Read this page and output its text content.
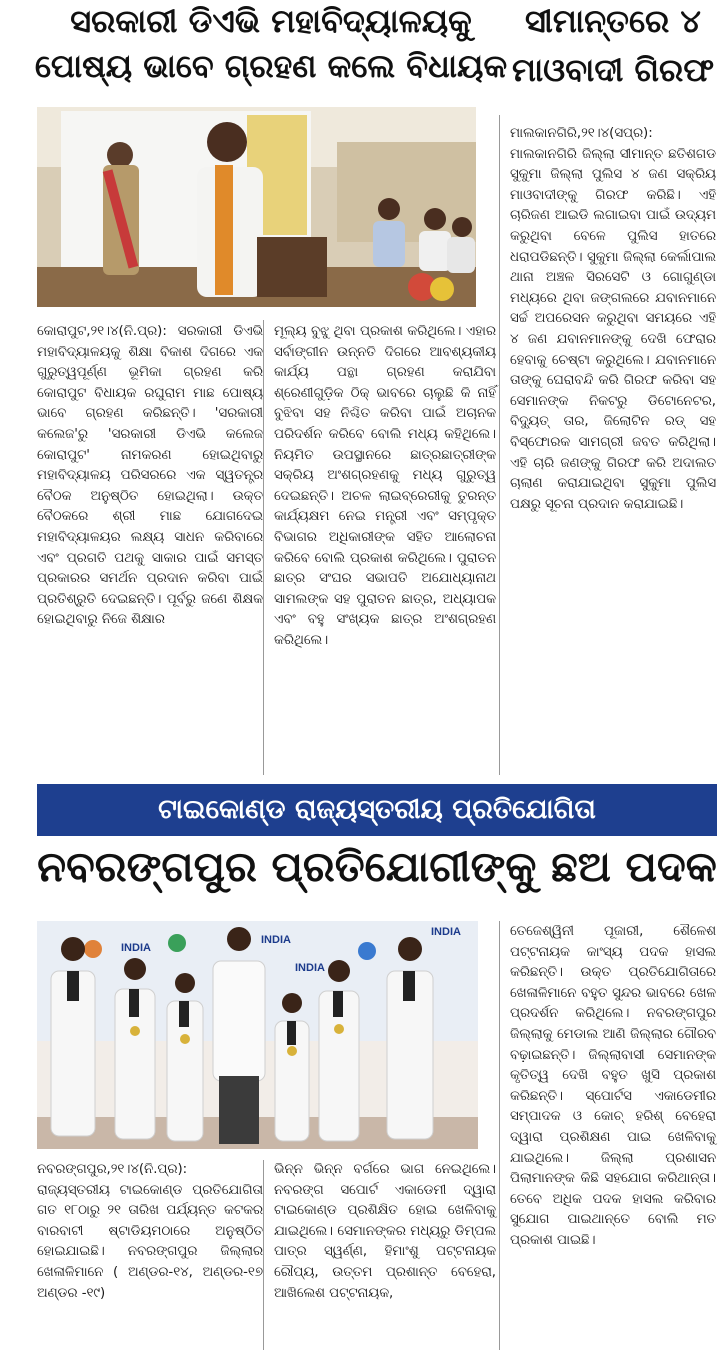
ସରକାରୀ ଡିଏଭି ମହାବିଦ୍ୟାଳୟକୁ
ପୋଷ୍ୟ ଭାବେ ଗ୍ରହଣ କଲେ ବିଧାୟକ
ସୀମାନ୍ତରେ ୪
ମାଓବାଦୀ ଗିରଫ

କୋରାପୁଟ,୨୧।୪(ନି.ପ୍ର): ସରକାରୀ ଡିଏଭି ମହାବିଦ୍ୟାଳୟକୁ ଶିକ୍ଷା ବିକାଶ ଦିଗରେ ଏକ ଗୁରୁତ୍ୱପୂର୍ଣ୍ଣ ଭୂମିକା ଗ୍ରହଣ କରି କୋରାପୁଟ ବିଧାୟକ ରଘୁରାମ ମାଛ ପୋଷ୍ୟ ଭାବେ ଗ୍ରହଣ କରିଛନ୍ତି। 'ସରକାରୀ କଲେଜ'ରୁ 'ସରକାରୀ ଡିଏଭି କଲେଜ କୋରାପୁଟ' ନାମକରଣ ହୋଇଥିବାରୁ ମହାବିଦ୍ୟାଳୟ ପରିସରରେ ଏକ ସ୍ୱତନ୍ତ୍ର ବୈଠକ ଅନୁଷ୍ଠିତ ହୋଇଥିଲା। ଉକ୍ତ ବୈଠକରେ ଶ୍ରୀ ମାଛ ଯୋଗଦେଇ ମହାବିଦ୍ୟାଳୟର ଲକ୍ଷ୍ୟ ସାଧନ କରିବାରେ ଏବଂ ପ୍ରଗତି ପଥକୁ ସାକାର ପାଇଁ ସମସ୍ତ ପ୍ରକାରର ସମର୍ଥନ ପ୍ରଦାନ କରିବା ପାଇଁ ପ୍ରତିଶ୍ରୁତି ଦେଇଛନ୍ତି। ପୂର୍ବରୁ ଜଣେ ଶିକ୍ଷକ ହୋଇଥିବାରୁ ନିଜେ ଶିକ୍ଷାର

ମୂଲ୍ୟ ବୁଝୁ ଥିବା ପ୍ରକାଶ କରିଥିଲେ। ଏହାର ସର୍ବାଙ୍ଗୀନ ଉନ୍ନତି ଦିଗରେ ଆବଶ୍ୟକୀୟ କାର୍ଯ୍ୟ ପନ୍ଥା ଗ୍ରହଣ କରାଯିବା ଶ୍ରେଣୀଗୁଡ଼ିକ ଠିକ୍ ଭାବରେ ଚାଲୁଛି କି ନାହିଁ ବୁଝିବା ସହ ନିଶ୍ଚିତ କରିବା ପାଇଁ ଅଚାନକ ପରିଦର୍ଶନ କରିବେ ବୋଲି ମଧ୍ୟ କହିଥିଲେ। ନିୟମିତ ଉପସ୍ଥାନରେ ଛାତ୍ରଛାତ୍ରୀଙ୍କ ସକ୍ରିୟ ଅଂଶଗ୍ରହଣକୁ ମଧ୍ୟ ଗୁରୁତ୍ୱ ଦେଇଛନ୍ତି। ଅଚଳ ଲାଇବ୍ରେରୀକୁ ତୁରନ୍ତ କାର୍ଯ୍ୟକ୍ଷମ ନେଇ ମନ୍ତ୍ରୀ ଏବଂ ସମ୍ପୃକ୍ତ ବିଭାଗର ଅଧିକାରୀଙ୍କ ସହିତ ଆଲୋଚନା କରିବେ ବୋଲି ପ୍ରକାଶ କରିଥିଲେ। ପୁରାତନ ଛାତ୍ର ସଂଘର ସଭାପତି ଅଯୋଧ୍ୟାନାଥ ସାମଲଙ୍କ ସହ ପୁରାତନ ଛାତ୍ର, ଅଧ୍ୟାପକ ଏବଂ ବହୁ ସଂଖ୍ୟକ ଛାତ୍ର ଅଂଶଗ୍ରହଣ କରିଥିଲେ।

ମାଲକାନଗିରି,୨୧।୪(ସପ୍ର): ମାଲକାନଗିରି ଜିଲ୍ଲା ସୀମାନ୍ତ ଛତିଶଗଡ ସୁକୁମା ଜିଲ୍ଲା ପୁଲିସ ୪ ଜଣ ସକ୍ରିୟ ମାଓବାଦୀଙ୍କୁ ଗିରଫ କରିଛି। ଏହି ଚାରିଜଣ ଆଇଡି ଲଗାଇବା ପାଇଁ ଉଦ୍ୟମ କରୁଥିବା ବେଳେ ପୁଲିସ ହାତରେ ଧରାପଡିଛନ୍ତି। ସୁକୁମା ଜିଲ୍ଲା କେର୍ଲାପାଲ ଥାନା ଅଞ୍ଚଳ ସିରସେଟି ଓ ଗୋଗୁଣ୍ଡା ମଧ୍ୟରେ ଥିବା ଜଙ୍ଗଲରେ ଯବାନମାନେ ସର୍ଚ୍ଚ ଅପରେସନ କରୁଥିବା ସମୟରେ ଏହି ୪ ଜଣ ଯବାନମାନଙ୍କୁ ଦେଖି ଫେରାର ହେବାକୁ ଚେଷ୍ଟା କରୁଥିଲେ। ଯବାନମାନେ ତାଙ୍କୁ ଘେରାବନ୍ଦି କରି ଗିରଫ କରିବା ସହ ସେମାନଙ୍କ ନିକଟରୁ ଡିଟୋନେଟର, ବିଦ୍ୟୁତ୍ ତାର, ଜିଲୋଟିନ ରଡ୍ ସହ ବିସ୍ଫୋରକ ସାମଗ୍ରୀ ଜବତ କରିଥିଲା। ଏହି ଚାରି ଜଣଙ୍କୁ ଗିରଫ କରି ଅଦାଲତ ଚାଲାଣ କରାଯାଇଥିବା ସୁକୁମା ପୁଲିସ ପକ୍ଷରୁ ସୂଚନା ପ୍ରଦାନ କରାଯାଇଛି।

ଟାଇକୋଣ୍ଡ ରାଜ୍ୟସ୍ତରୀୟ ପ୍ରତିଯୋଗିତା
ନବରଙ୍ଗପୁର ପ୍ରତିଯୋଗୀଙ୍କୁ ଛଅ ପଦକ
INDIA
INDIA
INDIA
INDIA	ତେଜେଶ୍ୱିନୀ ପୂଜାରୀ, ଶୈଳେଶ ପଟ୍ଟନାୟକ କାଂସ୍ୟ ପଦକ ହାସଲ କରିଛନ୍ତି। ଉକ୍ତ ପ୍ରତିଯୋଗିତାରେ ଖେଳାଳିମାନେ ବହୁତ ସୁନ୍ଦର ଭାବରେ ଖେଳ ପ୍ରଦର୍ଶନ କରିଥିଲେ। ନବରଙ୍ଗପୁର ଜିଲ୍ଲାକୁ ମେଡାଲ ଆଣି ଜିଲ୍ଲାର ଗୌରବ ବଢ଼ାଇଛନ୍ତି। ଜିଲ୍ଲାବାସୀ ସେମାନଙ୍କ କୃତିତ୍ୱ ଦେଖି ବହୁତ ଖୁସି ପ୍ରକାଶ କରିଛନ୍ତି। ସ୍ପୋର୍ଟସ ଏକାଡେମୀର ସମ୍ପାଦକ ଓ କୋଚ୍ ହରିଶ୍ ବେହେରା ଦ୍ୱାରା ପ୍ରଶିକ୍ଷଣ ପାଇ ଖେଳିବାକୁ ଯାଇଥିଲେ। ଜିଲ୍ଲା ପ୍ରଶାସନ ପିଲାମାନଙ୍କ କିଛି ସହଯୋଗ କରିଥାନ୍ତା। ତେବେ ଅଧିକ ପଦକ ହାସଲ କରିବାର ସୁଯୋଗ ପାଇଥାନ୍ତେ ବୋଲି ମତ ପ୍ରକାଶ ପାଇଛି।

ନବରଙ୍ଗପୁର,୨୧।୪(ନି.ପ୍ର): ରାଜ୍ୟସ୍ତରୀୟ ଟାଇକୋଣ୍ଡ ପ୍ରତିଯୋଗିତା ଗତ ୧୮ଠାରୁ ୨୧ ତାରିଖ ପର୍ଯ୍ୟନ୍ତ କଟକର ବାରବାଟୀ ଷ୍ଟାଡିୟମଠାରେ ଅନୁଷ୍ଠିତ ହୋଇଯାଇଛି। ନବରଙ୍ଗପୁର ଜିଲ୍ଲାର ଖେଳାଳିମାନେ ( ଅଣ୍ଡର-୧୪, ଅଣ୍ଡର-୧୭ ଅଣ୍ଡର -୧୯)

ଭିନ୍ନ ଭିନ୍ନ ବର୍ଗରେ ଭାଗ ନେଇଥିଲେ। ନବରଙ୍ଗ ସପୋର୍ଟ ଏକାଡେମୀ ଦ୍ୱାରା ଟାଇକୋଣ୍ଡ ପ୍ରଶିକ୍ଷିତ ହୋଇ ଖେଳିବାକୁ ଯାଇଥିଲେ। ସେମାନଙ୍କର ମଧ୍ୟରୁ ଡିମ୍ପଲ ପାତ୍ର ସ୍ୱର୍ଣ୍ଣ, ହିମାଂଶୁ ପଟ୍ଟନାୟକ ରୌପ୍ୟ, ଉତ୍ତମ ପ୍ରଶାନ୍ତ ବେହେରା, ଆଖିଲେଶ ପଟ୍ଟନାୟକ,
